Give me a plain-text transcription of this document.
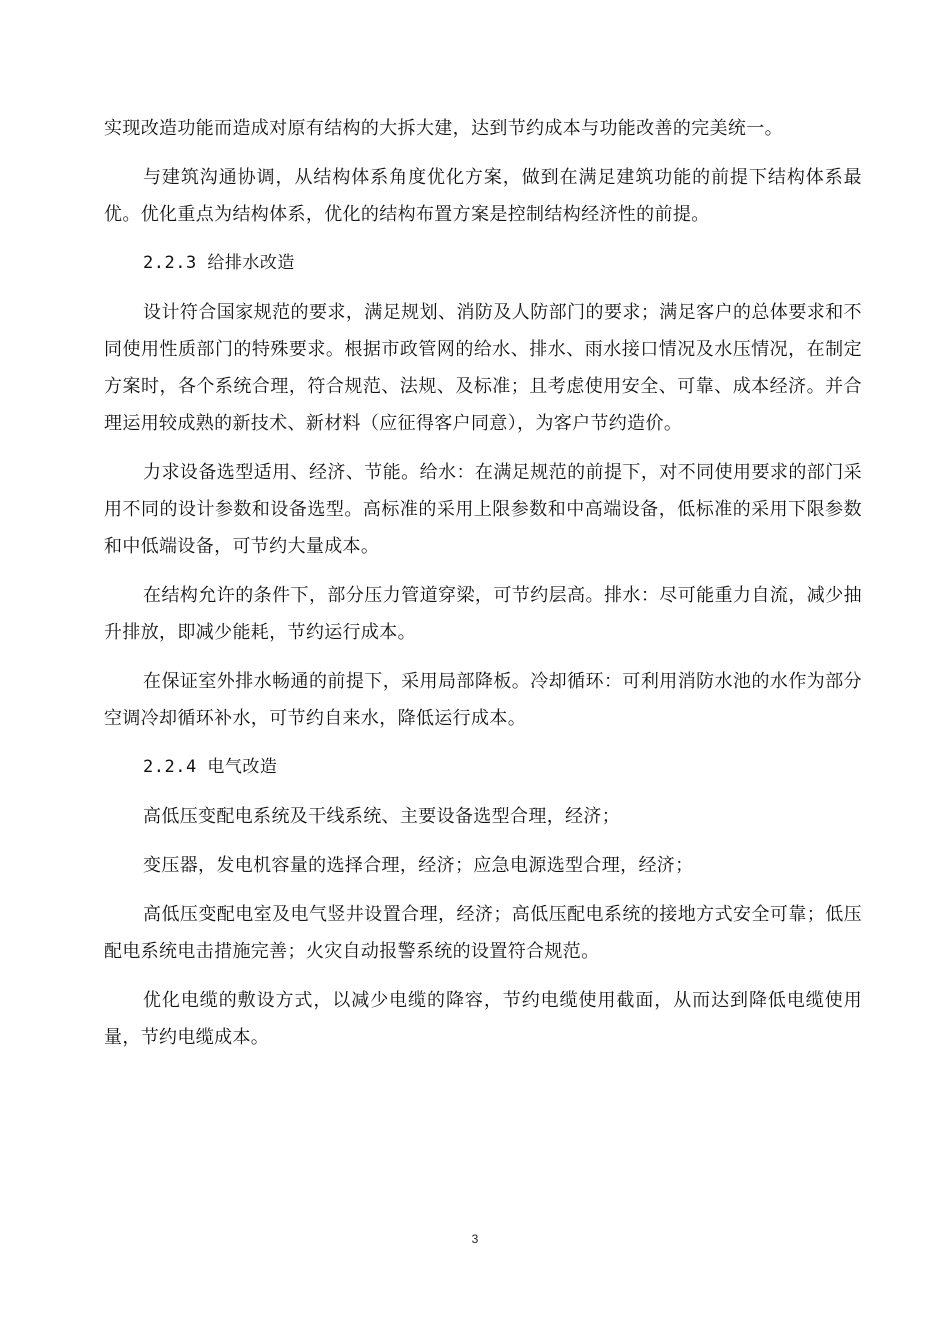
实现改造功能而造成对原有结构的大拆大建，达到节约成本与功能改善的完美统一。

与建筑沟通协调，从结构体系角度优化方案，做到在满足建筑功能的前提下结构体系最优。优化重点为结构体系，优化的结构布置方案是控制结构经济性的前提。

2.2.3 给排水改造

设计符合国家规范的要求，满足规划、消防及人防部门的要求；满足客户的总体要求和不同使用性质部门的特殊要求。根据市政管网的给水、排水、雨水接口情况及水压情况，在制定方案时，各个系统合理，符合规范、法规、及标准；且考虑使用安全、可靠、成本经济。并合理运用较成熟的新技术、新材料（应征得客户同意），为客户节约造价。

力求设备选型适用、经济、节能。给水：在满足规范的前提下，对不同使用要求的部门采用不同的设计参数和设备选型。高标准的采用上限参数和中高端设备，低标准的采用下限参数和中低端设备，可节约大量成本。

在结构允许的条件下，部分压力管道穿梁，可节约层高。排水：尽可能重力自流，减少抽升排放，即减少能耗，节约运行成本。

在保证室外排水畅通的前提下，采用局部降板。冷却循环：可利用消防水池的水作为部分空调冷却循环补水，可节约自来水，降低运行成本。

2.2.4 电气改造

高低压变配电系统及干线系统、主要设备选型合理，经济；

变压器，发电机容量的选择合理，经济；应急电源选型合理，经济；

高低压变配电室及电气竖井设置合理，经济；高低压配电系统的接地方式安全可靠；低压配电系统电击措施完善；火灾自动报警系统的设置符合规范。

优化电缆的敷设方式，以减少电缆的降容，节约电缆使用截面，从而达到降低电缆使用量，节约电缆成本。

3
